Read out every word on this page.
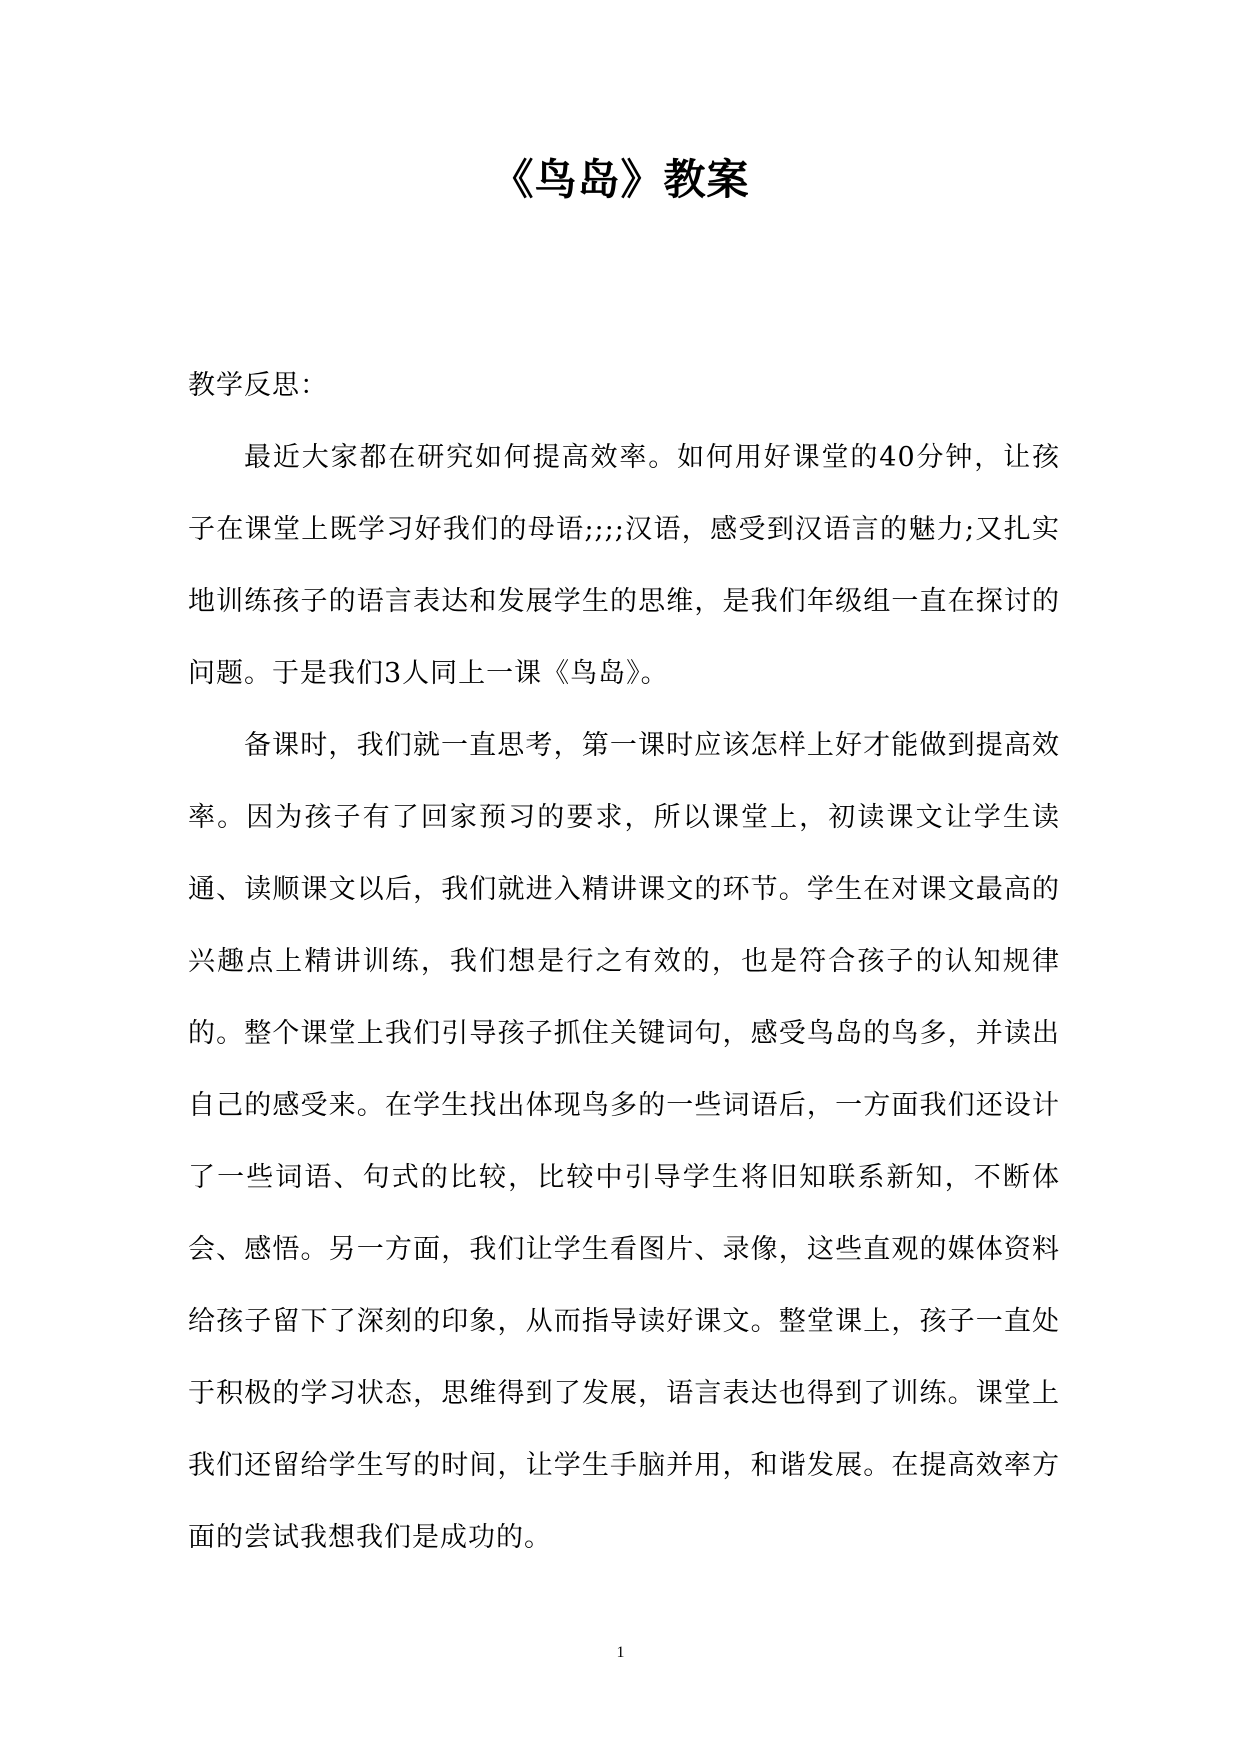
《鸟岛》教案

教学反思：

最近大家都在研究如何提高效率。如何用好课堂的40分钟，让孩子在课堂上既学习好我们的母语;;;;汉语，感受到汉语言的魅力;又扎实地训练孩子的语言表达和发展学生的思维，是我们年级组一直在探讨的问题。于是我们3人同上一课《鸟岛》。

备课时，我们就一直思考，第一课时应该怎样上好才能做到提高效率。因为孩子有了回家预习的要求，所以课堂上，初读课文让学生读通、读顺课文以后，我们就进入精讲课文的环节。学生在对课文最高的兴趣点上精讲训练，我们想是行之有效的，也是符合孩子的认知规律的。整个课堂上我们引导孩子抓住关键词句，感受鸟岛的鸟多，并读出自己的感受来。在学生找出体现鸟多的一些词语后，一方面我们还设计了一些词语、句式的比较，比较中引导学生将旧知联系新知，不断体会、感悟。另一方面，我们让学生看图片、录像，这些直观的媒体资料给孩子留下了深刻的印象，从而指导读好课文。整堂课上，孩子一直处于积极的学习状态，思维得到了发展，语言表达也得到了训练。课堂上我们还留给学生写的时间，让学生手脑并用，和谐发展。在提高效率方面的尝试我想我们是成功的。

1
